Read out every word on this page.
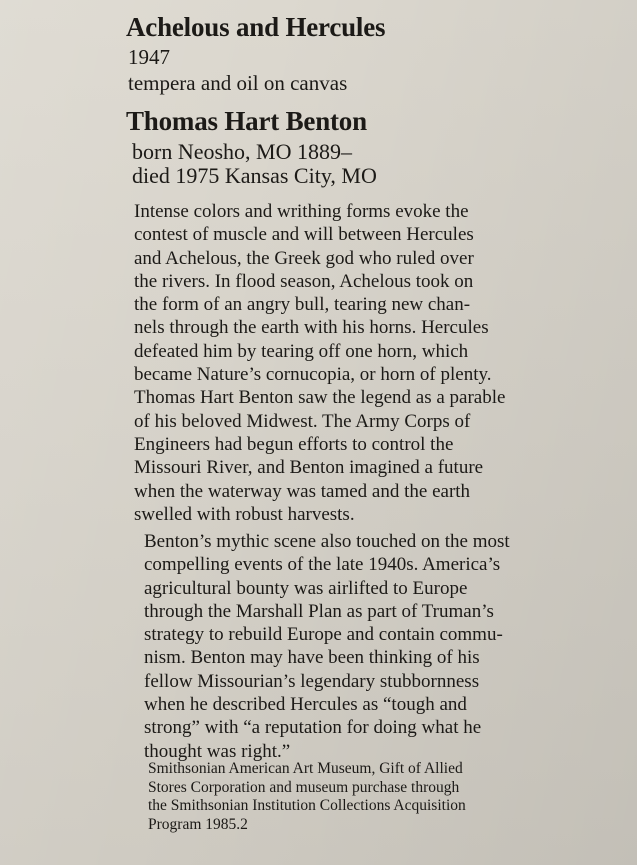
Achelous and Hercules
1947
tempera and oil on canvas
Thomas Hart Benton
born Neosho, MO 1889–
died 1975 Kansas City, MO
Intense colors and writhing forms evoke the
contest of muscle and will between Hercules
and Achelous, the Greek god who ruled over
the rivers. In flood season, Achelous took on
the form of an angry bull, tearing new chan-
nels through the earth with his horns. Hercules
defeated him by tearing off one horn, which
became Nature’s cornucopia, or horn of plenty.
Thomas Hart Benton saw the legend as a parable
of his beloved Midwest. The Army Corps of
Engineers had begun efforts to control the
Missouri River, and Benton imagined a future
when the waterway was tamed and the earth
swelled with robust harvests.
Benton’s mythic scene also touched on the most
compelling events of the late 1940s. America’s
agricultural bounty was airlifted to Europe
through the Marshall Plan as part of Truman’s
strategy to rebuild Europe and contain commu-
nism. Benton may have been thinking of his
fellow Missourian’s legendary stubbornness
when he described Hercules as “tough and
strong” with “a reputation for doing what he
thought was right.”
Smithsonian American Art Museum, Gift of Allied
Stores Corporation and museum purchase through
the Smithsonian Institution Collections Acquisition
Program 1985.2
